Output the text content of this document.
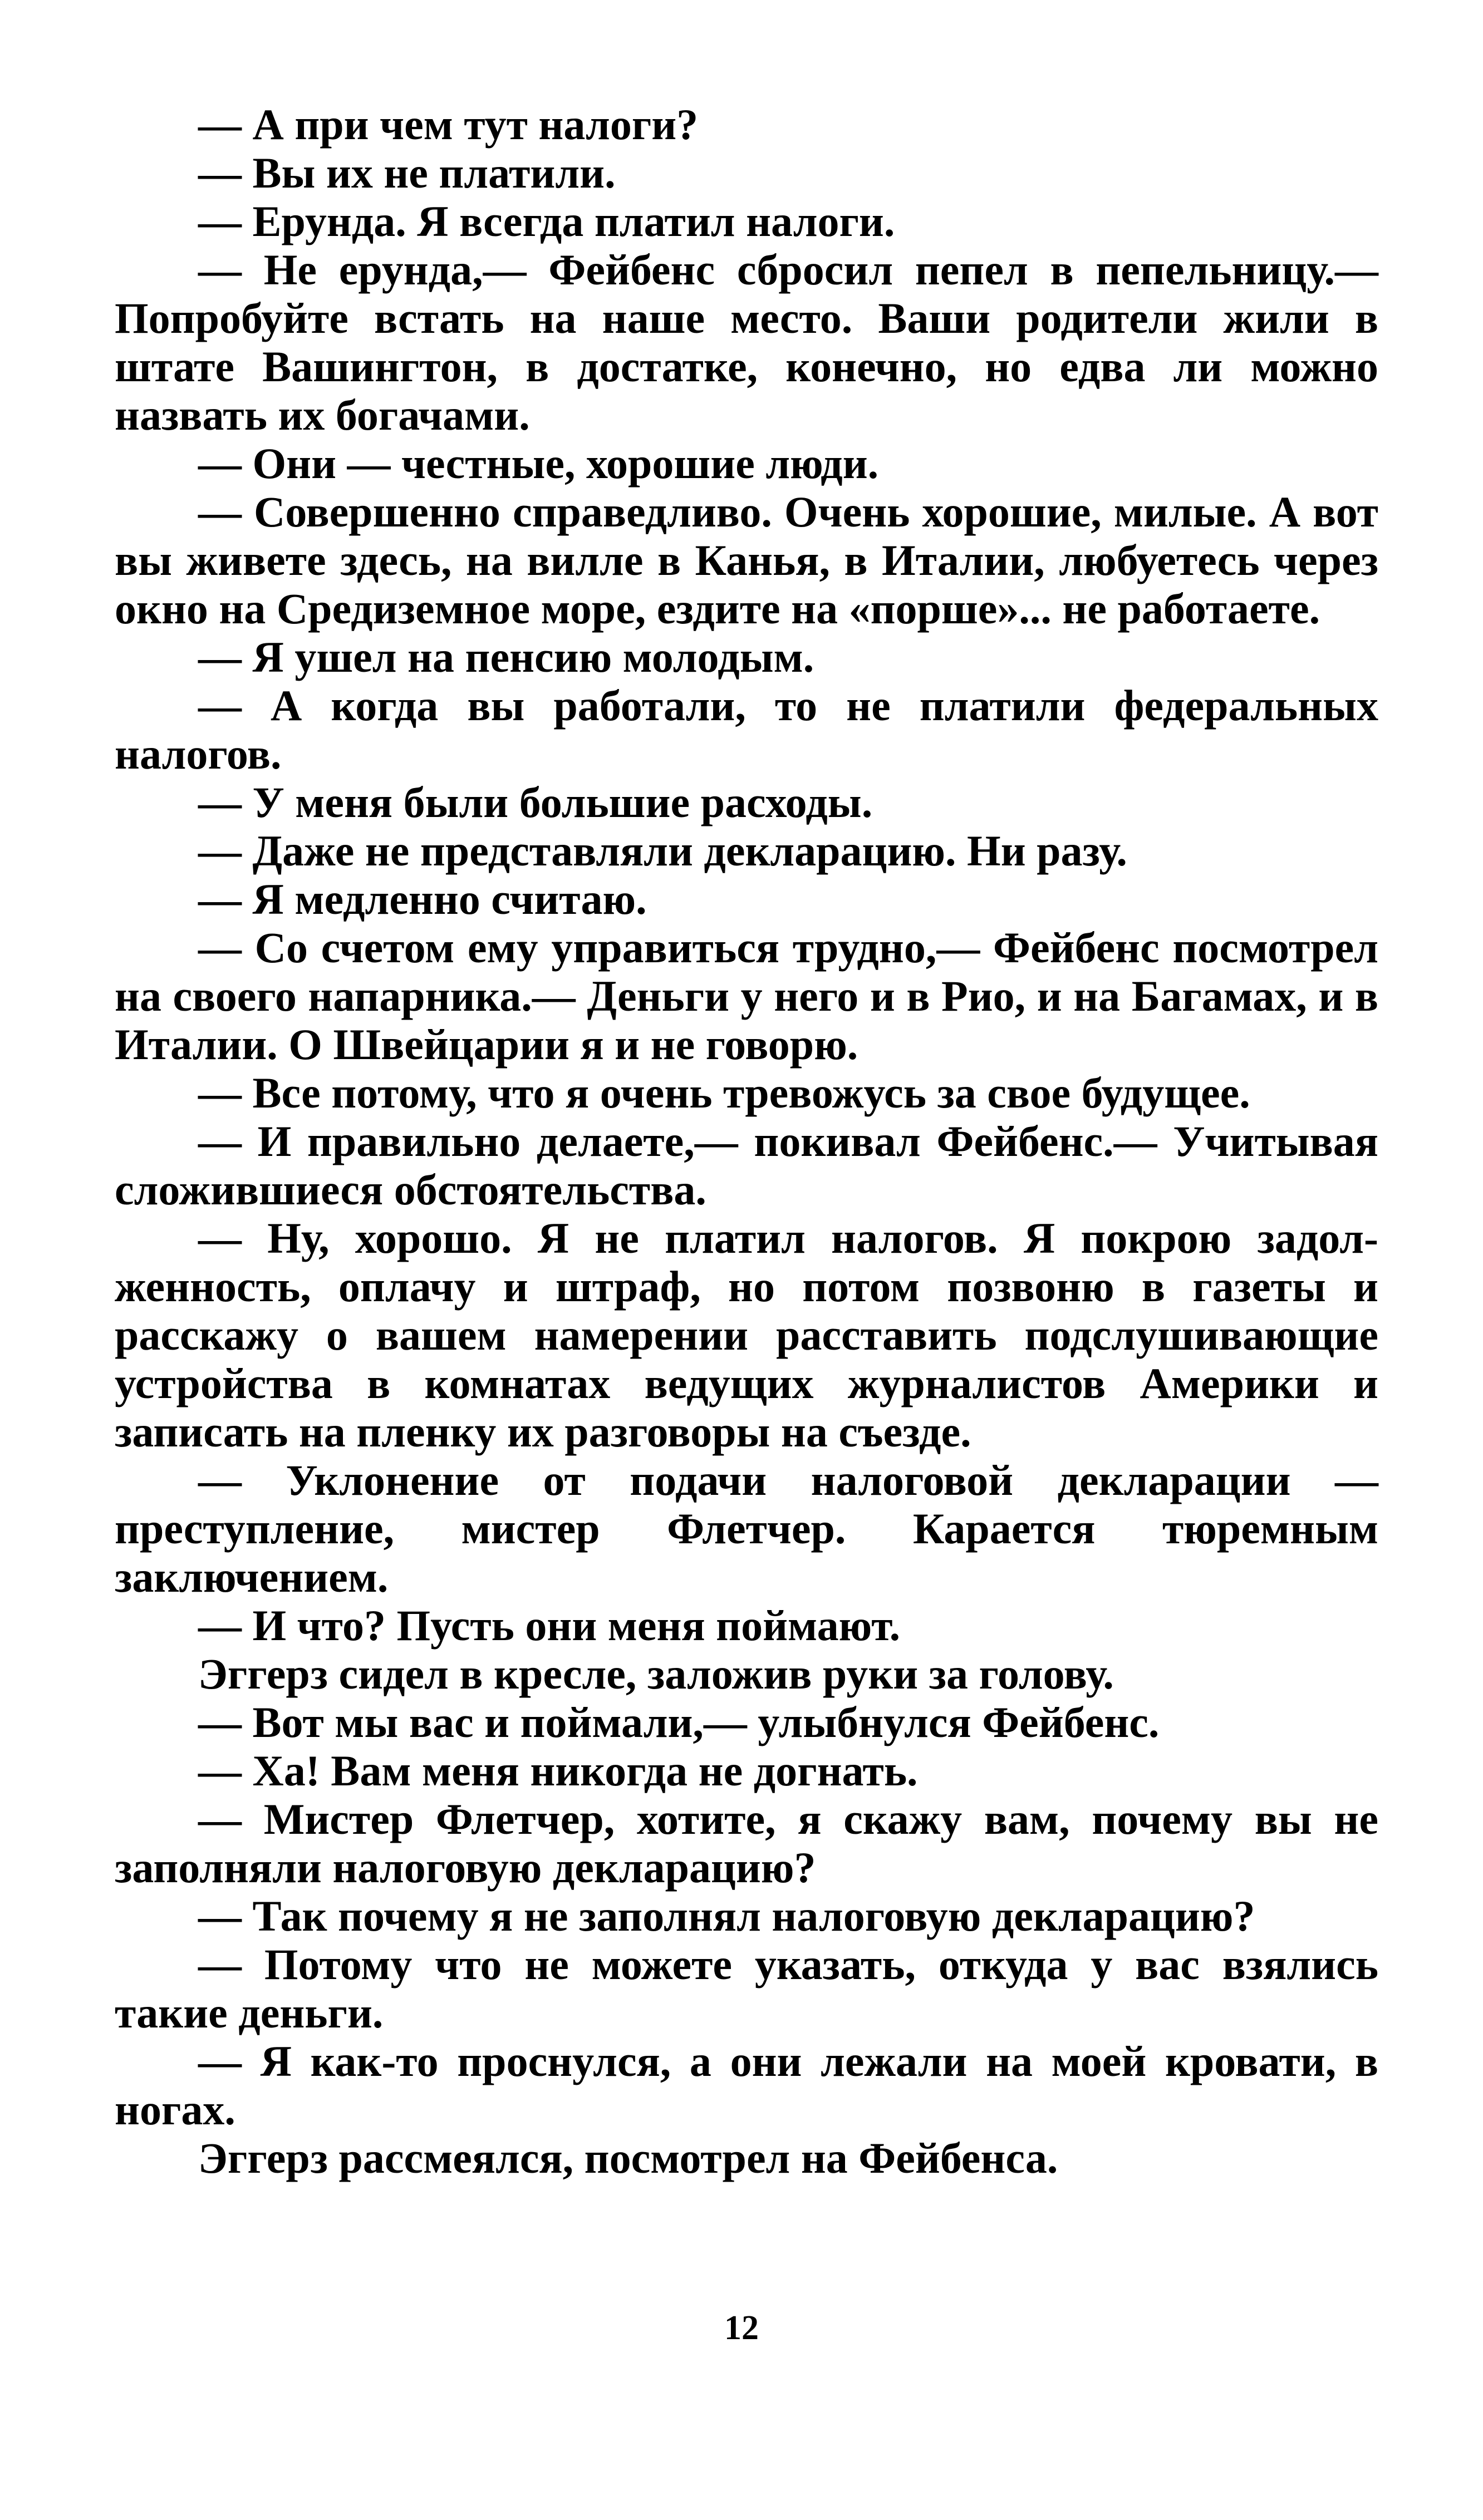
— А при чем тут налоги?

— Вы их не платили.

— Ерунда. Я всегда платил налоги.

— Не ерунда,— Фейбенс сбросил пепел в пепельницу.— Попробуйте встать на наше место. Ваши родители жили в штате Вашингтон, в достатке, конечно, но едва ли можно назвать их богачами.

— Они — честные, хорошие люди.

— Совершенно справедливо. Очень хорошие, милые. А вот вы живете здесь, на вилле в Канья, в Италии, любуетесь через окно на Средиземное море, ездите на «порше»... не работаете.

— Я ушел на пенсию молодым.

— А когда вы работали, то не платили федеральных налогов.

— У меня были большие расходы.

— Даже не представляли декларацию. Ни разу.

— Я медленно считаю.

— Со счетом ему управиться трудно,— Фейбенс посмотрел на своего напарника.— Деньги у него и в Рио, и на Багамах, и в Италии. О Швейцарии я и не говорю.

— Все потому, что я очень тревожусь за свое будущее.

— И правильно делаете,— покивал Фейбенс.— Учитывая сложившиеся обстоятельства.

— Ну, хорошо. Я не платил налогов. Я покрою задолженность, оплачу и штраф, но потом позвоню в газеты и расскажу о вашем намерении расставить подслушивающие устройства в комнатах ведущих журналистов Америки и записать на пленку их разговоры на съезде.

— Уклонение от подачи налоговой декларации — преступление, мистер Флетчер. Карается тюремным заключением.

— И что? Пусть они меня поймают.

Эггерз сидел в кресле, заложив руки за голову.

— Вот мы вас и поймали,— улыбнулся Фейбенс.

— Ха! Вам меня никогда не догнать.

— Мистер Флетчер, хотите, я скажу вам, почему вы не заполняли налоговую декларацию?

— Так почему я не заполнял налоговую декларацию?

— Потому что не можете указать, откуда у вас взялись такие деньги.

— Я как-то проснулся, а они лежали на моей кровати, в ногах.

Эггерз рассмеялся, посмотрел на Фейбенса.

12
